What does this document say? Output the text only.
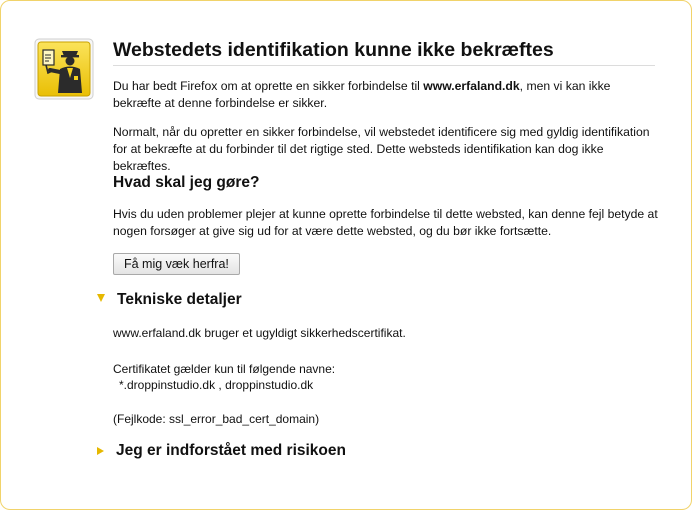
Webstedets identifikation kunne ikke bekræftes

Du har bedt Firefox om at oprette en sikker forbindelse til www.erfaland.dk, men vi kan ikke bekræfte at denne forbindelse er sikker.

Normalt, når du opretter en sikker forbindelse, vil webstedet identificere sig med gyldig identifikation for at bekræfte at du forbinder til det rigtige sted. Dette websteds identifikation kan dog ikke bekræftes.

Hvad skal jeg gøre?

Hvis du uden problemer plejer at kunne oprette forbindelse til dette websted, kan denne fejl betyde at nogen forsøger at give sig ud for at være dette websted, og du bør ikke fortsætte.

Få mig væk herfra!
Tekniske detaljer
www.erfaland.dk bruger et ugyldigt sikkerhedscertifikat.
Certifikatet gælder kun til følgende navne:
*.droppinstudio.dk , droppinstudio.dk
(Fejlkode: ssl_error_bad_cert_domain)
Jeg er indforstået med risikoen
